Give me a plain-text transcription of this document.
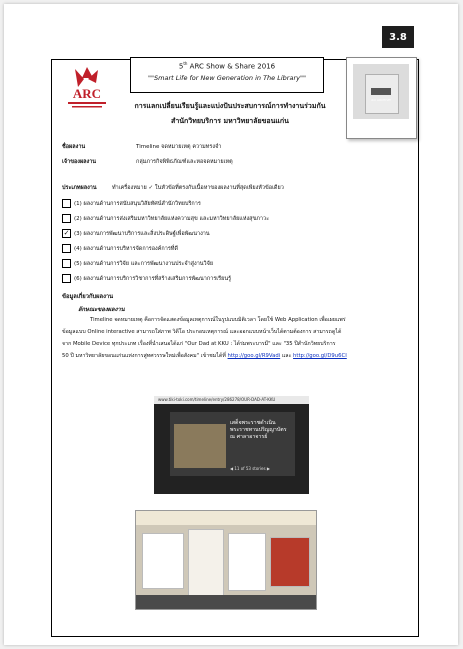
3.8
ARC
5th ARC Show & Share 2016
""Smart Life for New Generation in The Library""
KKU ARCHIVES
การแลกเปลี่ยนเรียนรู้และแบ่งปันประสบการณ์การทำงานร่วมกัน
สำนักวิทยบริการ มหาวิทยาลัยขอนแก่น
ชื่อผลงาน	Timeline จดหมายเหตุ ความทรงจำ
เจ้าของผลงาน	กลุ่มภารกิจพิพิธภัณฑ์และหอจดหมายเหตุ
ประเภทผลงาน	ทำเครื่องหมาย ✓ ในหัวข้อที่ตรงกับเนื้อหาของผลงานที่สุดเพียงหัวข้อเดียว
(1) ผลงานด้านการสนับสนุนวิสัยทัศน์สำนักวิทยบริการ
(2) ผลงานด้านการส่งเสริมมหาวิทยาลัยแห่งความสุข และมหาวิทยาลัยแห่งสุขภาวะ
✓ (3) ผลงานการพัฒนาบริการและสิ่งประดิษฐ์เพื่อพัฒนางาน
(4) ผลงานด้านการบริหารจัดการองค์การที่ดี
(5) ผลงานด้านการวิจัย และการพัฒนางานประจำสู่งานวิจัย
(6) ผลงานด้านการบริการวิชาการที่สร้างเสริมการพัฒนาการเรียนรู้
ข้อมูลเกี่ยวกับผลงาน
ลักษณะของผลงาน
Timeline จดหมายเหตุ คือการจัดแสดงข้อมูลเหตุการณ์ในรูปแบบมิติเวลา โดยใช้ Web Application เพื่อเผยแพร่
ข้อมูลแบบ Online interactive สามารถใส่ภาพ วิดีโอ ประกอบเหตุการณ์ และออกแบบหน้าเว็บได้ตามต้องการ สามารถดูได้
จาก Mobile Device ทุกประเภท เรื่องที่นำเสนอได้แก่ "Our Dad at KKU : ได้ร่มพระบารมี" และ "35 ปีสำนักวิทยบริการ
50 ปี มหาวิทยาลัยขอนแก่นแห่งการสู่ทศวรรษใหม่เพื่อสังคม" เข้าชมได้ที่ http://goo.gl/R9Vadi และ http://goo.gl/D9u6CI
www.tiki-toki.com/timeline/entry/286278/OUR-DAD-AT-KKU
เสด็จพระราชดำเนิน พระราชทานปริญญาบัตร ณ ศาลาอาจารย์
◀ 11 of 53 stories ▶
